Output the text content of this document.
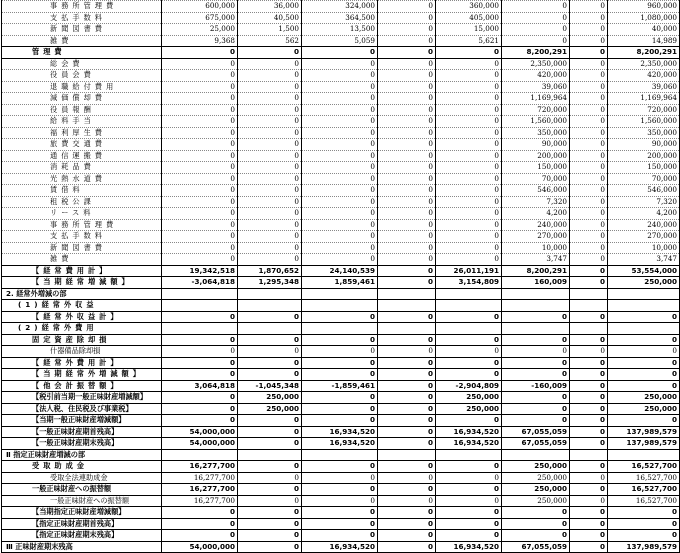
事務所管理費	600,000	36,000	324,000	0	360,000	0	0	960,000
支払手数料	675,000	40,500	364,500	0	405,000	0	0	1,080,000
新聞図書費	25,000	1,500	13,500	0	15,000	0	0	40,000
雑費	9,368	562	5,059	0	5,621	0	0	14,989
管理費	0	0	0	0	0	8,200,291	0	8,200,291
総会費	0	0	0	0	0	2,350,000	0	2,350,000
役員会費	0	0	0	0	0	420,000	0	420,000
退職給付費用	0	0	0	0	0	39,060	0	39,060
減価償却費	0	0	0	0	0	1,169,964	0	1,169,964
役員報酬	0	0	0	0	0	720,000	0	720,000
給料手当	0	0	0	0	0	1,560,000	0	1,560,000
福利厚生費	0	0	0	0	0	350,000	0	350,000
旅費交通費	0	0	0	0	0	90,000	0	90,000
通信運搬費	0	0	0	0	0	200,000	0	200,000
消耗品費	0	0	0	0	0	150,000	0	150,000
光熱水道費	0	0	0	0	0	70,000	0	70,000
賃借料	0	0	0	0	0	546,000	0	546,000
租税公課	0	0	0	0	0	7,320	0	7,320
リース料	0	0	0	0	0	4,200	0	4,200
事務所管理費	0	0	0	0	0	240,000	0	240,000
支払手数料	0	0	0	0	0	270,000	0	270,000
新聞図書費	0	0	0	0	0	10,000	0	10,000
雑費	0	0	0	0	0	3,747	0	3,747
【経常費用計】	19,342,518	1,870,652	24,140,539	0	26,011,191	8,200,291	0	53,554,000
【当期経常増減額】	-3,064,818	1,295,348	1,859,461	0	3,154,809	160,009	0	250,000
2. 経常外増減の部								
(1)経常外収益								
【経常外収益計】	0	0	0	0	0	0	0	0
(2)経常外費用								
固定資産除却損	0	0	0	0	0	0	0	0
什器備品除却損	0	0	0	0	0	0	0	0
【経常外費用計】	0	0	0	0	0	0	0	0
【当期経常外増減額】	0	0	0	0	0	0	0	0
【他会計振替額】	3,064,818	-1,045,348	-1,859,461	0	-2,904,809	-160,009	0	0
【税引前当期一般正味財産増減額】	0	250,000	0	0	250,000	0	0	250,000
【法人税、住民税及び事業税】	0	250,000	0	0	250,000	0	0	250,000
【当期一般正味財産増減額】	0	0	0	0	0	0	0	0
【一般正味財産期首残高】	54,000,000	0	16,934,520	0	16,934,520	67,055,059	0	137,989,579
【一般正味財産期末残高】	54,000,000	0	16,934,520	0	16,934,520	67,055,059	0	137,989,579
Ⅱ 指定正味財産増減の部								
受取助成金	16,277,700	0	0	0	0	250,000	0	16,527,700
受取全法連助成金	16,277,700	0	0	0	0	250,000	0	16,527,700
一般正味財産への振替額	16,277,700	0	0	0	0	250,000	0	16,527,700
一般正味財産への振替額	16,277,700	0	0	0	0	250,000	0	16,527,700
【当期指定正味財産増減額】	0	0	0	0	0	0	0	0
【指定正味財産期首残高】	0	0	0	0	0	0	0	0
【指定正味財産期末残高】	0	0	0	0	0	0	0	0
Ⅲ 正味財産期末残高	54,000,000	0	16,934,520	0	16,934,520	67,055,059	0	137,989,579
